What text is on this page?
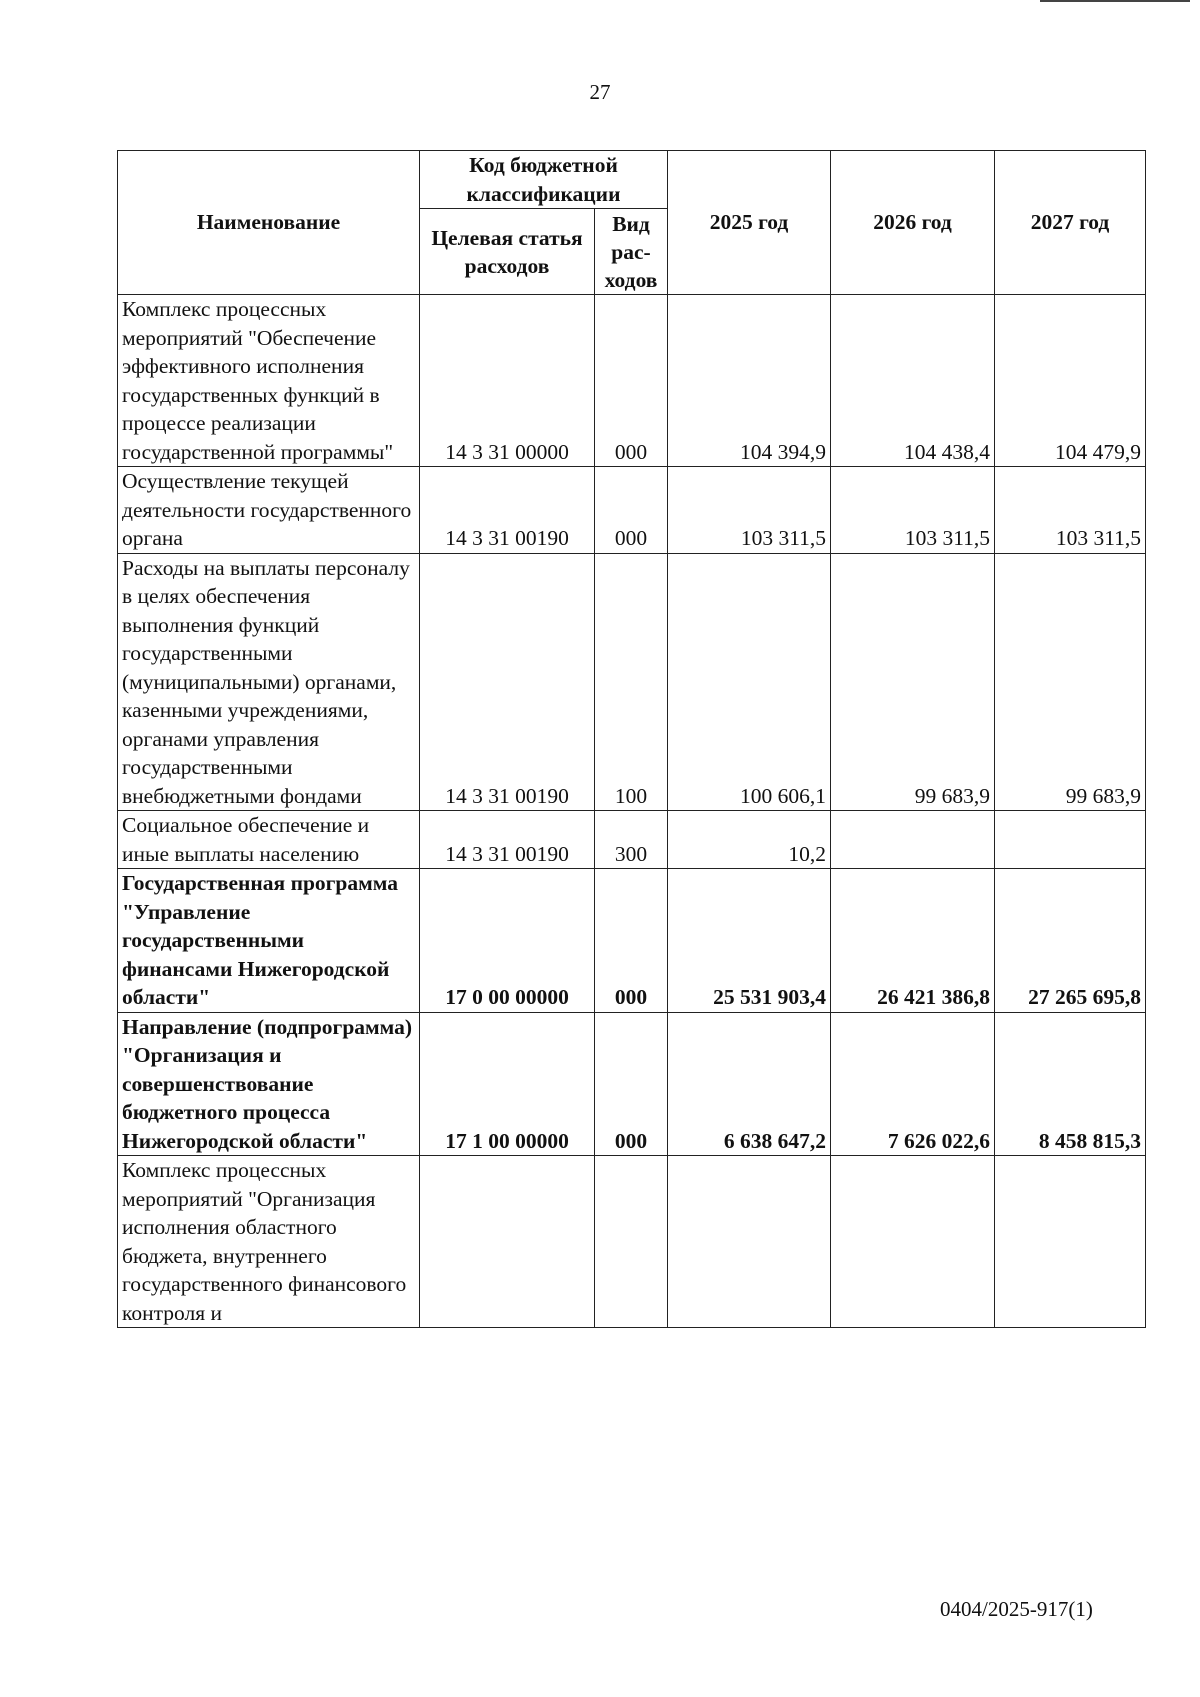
27
Наименование	Код бюджетной классификации		2025 год	2026 год	2027 год
	Целевая статья расходов	Вид рас-ходов			
Комплекс процессных мероприятий "Обеспечение эффективного исполнения государственных функций в процессе реализации государственной программы"	14 3 31 00000	000	104 394,9	104 438,4	104 479,9
Осуществление текущей деятельности государственного органа	14 3 31 00190	000	103 311,5	103 311,5	103 311,5
Расходы на выплаты персоналу в целях обеспечения выполнения функций государственными (муниципальными) органами, казенными учреждениями, органами управления государственными внебюджетными фондами	14 3 31 00190	100	100 606,1	99 683,9	99 683,9
Социальное обеспечение и иные выплаты населению	14 3 31 00190	300	10,2		
Государственная программа "Управление государственными финансами Нижегородской области"	17 0 00 00000	000	25 531 903,4	26 421 386,8	27 265 695,8
Направление (подпрограмма) "Организация и совершенствование бюджетного процесса Нижегородской области"	17 1 00 00000	000	6 638 647,2	7 626 022,6	8 458 815,3
Комплекс процессных мероприятий "Организация исполнения областного бюджета, внутреннего государственного финансового контроля и					
0404/2025-917(1)
